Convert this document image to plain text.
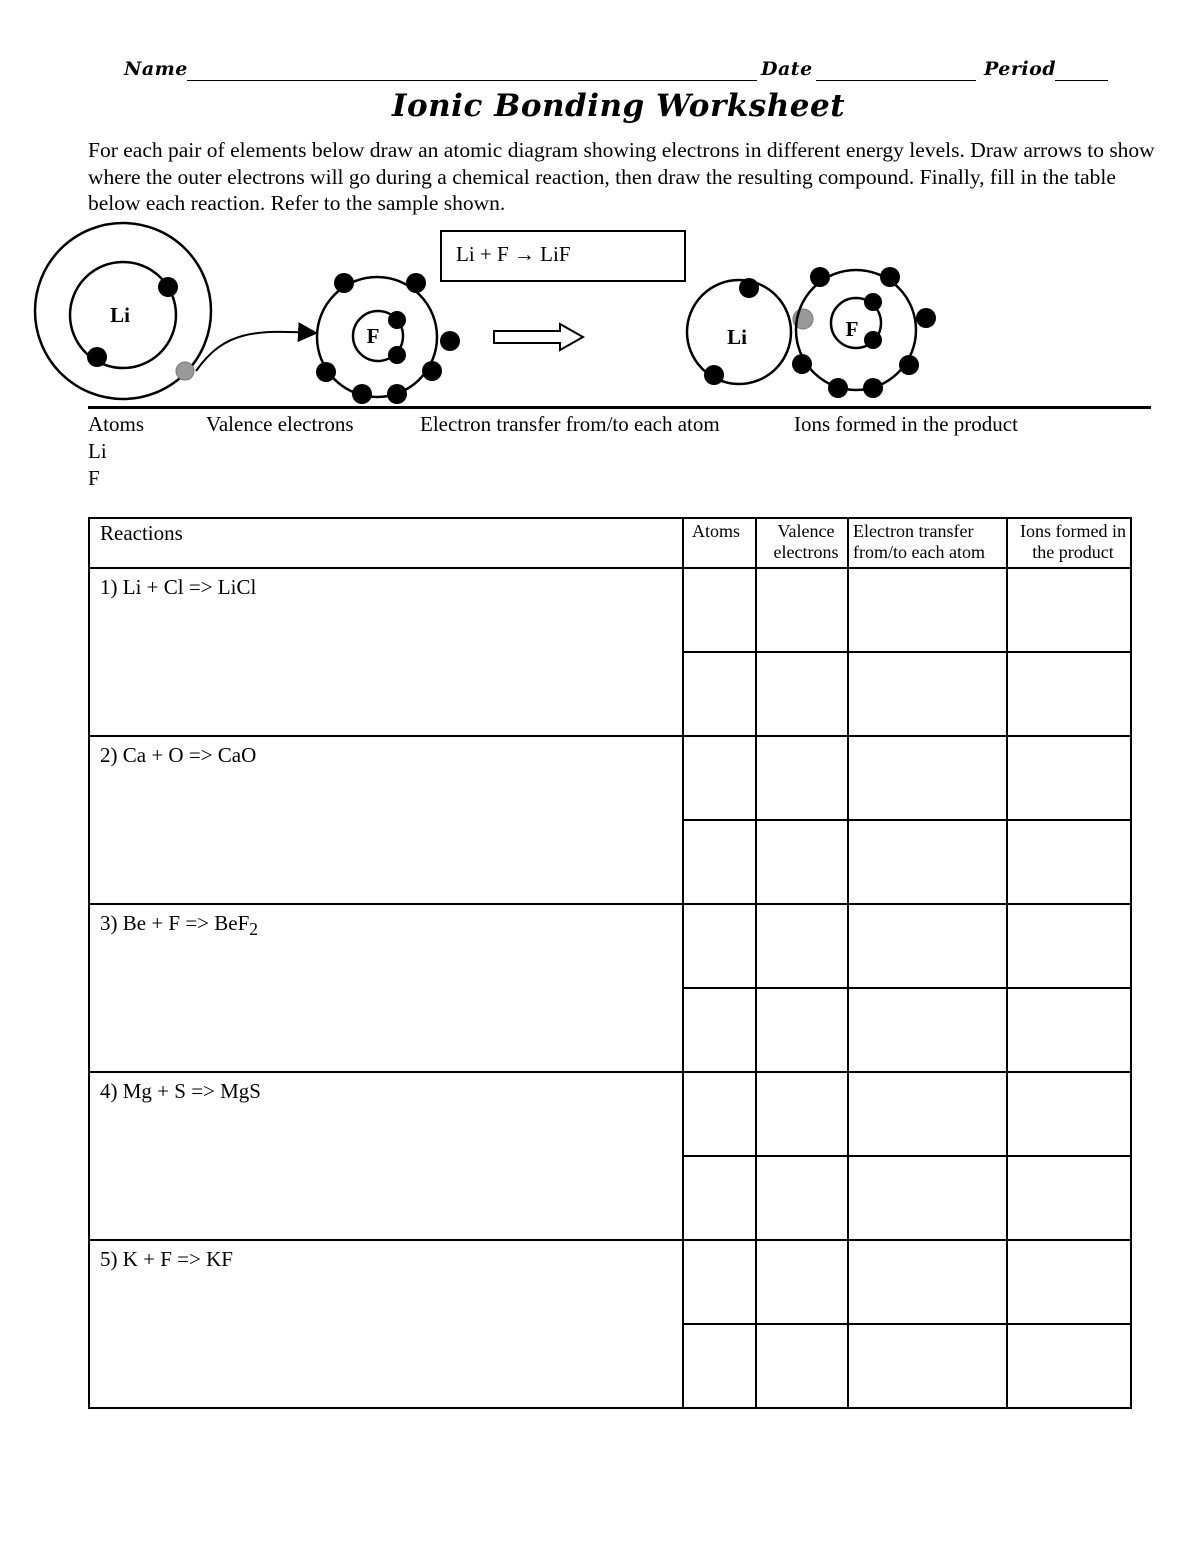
Name	Date	Period
Ionic Bonding Worksheet
For each pair of elements below draw an atomic diagram showing electrons in different energy levels. Draw arrows to show where the outer electrons will go during a chemical reaction, then draw the resulting compound. Finally, fill in the table below each reaction. Refer to the sample shown.
Li + F → LiF
Li
F	Li	F
Atoms	Valence electrons	Electron transfer from/to each atom	Ions formed in the product
Li
F
Reactions	Atoms	Valence electrons	Electron transfer from/to each atom	Ions formed in the product
1) Li + Cl => LiCl				

2) Ca + O => CaO				

3) Be + F => BeF$_2$				

4) Mg + S => MgS				

5) K + F => KF				
